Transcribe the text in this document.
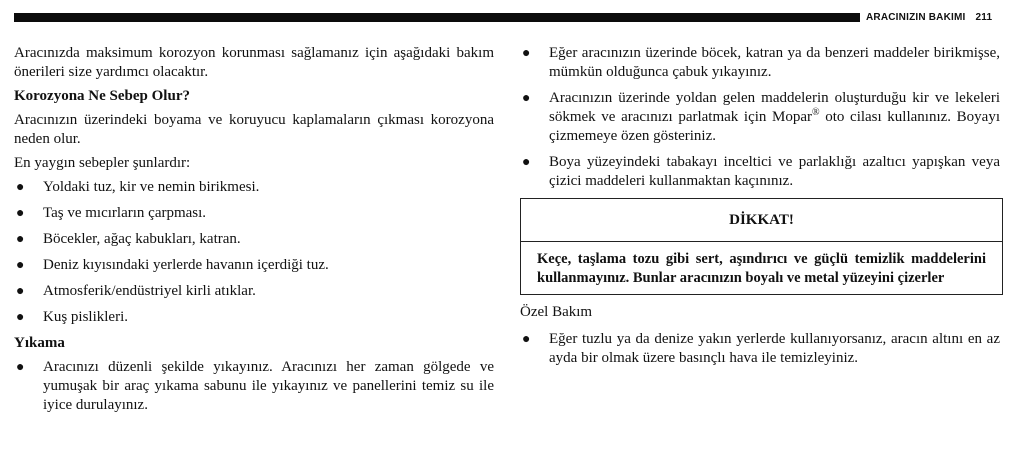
ARACINIZIN BAKIMI 211

Aracınızda maksimum korozyon korunması sağlamanız için aşağıdaki bakım önerileri size yardımcı olacaktır.

Korozyona Ne Sebep Olur?

Aracınızın üzerindeki boyama ve koruyucu kaplamaların çıkması korozyona neden olur.

En yaygın sebepler şunlardır:

● Yoldaki tuz, kir ve nemin birikmesi.
● Taş ve mıcırların çarpması.
● Böcekler, ağaç kabukları, katran.
● Deniz kıyısındaki yerlerde havanın içerdiği tuz.
● Atmosferik/endüstriyel kirli atıklar.
● Kuş pislikleri.

Yıkama

● Aracınızı düzenli şekilde yıkayınız. Aracınızı her zaman gölgede ve yumuşak bir araç yıkama sabunu ile yıkayınız ve panellerini temiz su ile iyice durulayınız.
● Eğer aracınızın üzerinde böcek, katran ya da benzeri maddeler birikmişse, mümkün olduğunca çabuk yıkayınız.
● Aracınızın üzerinde yoldan gelen maddelerin oluşturduğu kir ve lekeleri sökmek ve aracınızı parlatmak için Mopar® oto cilası kullanınız. Boyayı çizmemeye özen gösteriniz.
● Boya yüzeyindeki tabakayı inceltici ve parlaklığı azaltıcı yapışkan veya çizici maddeleri kullanmaktan kaçınınız.
DİKKAT!
Keçe, taşlama tozu gibi sert, aşındırıcı ve güçlü temizlik maddelerini kullanmayınız. Bunlar aracınızın boyalı ve metal yüzeyini çizerler

Özel Bakım

● Eğer tuzlu ya da denize yakın yerlerde kullanıyorsanız, aracın altını en az ayda bir olmak üzere basınçlı hava ile temizleyiniz.
